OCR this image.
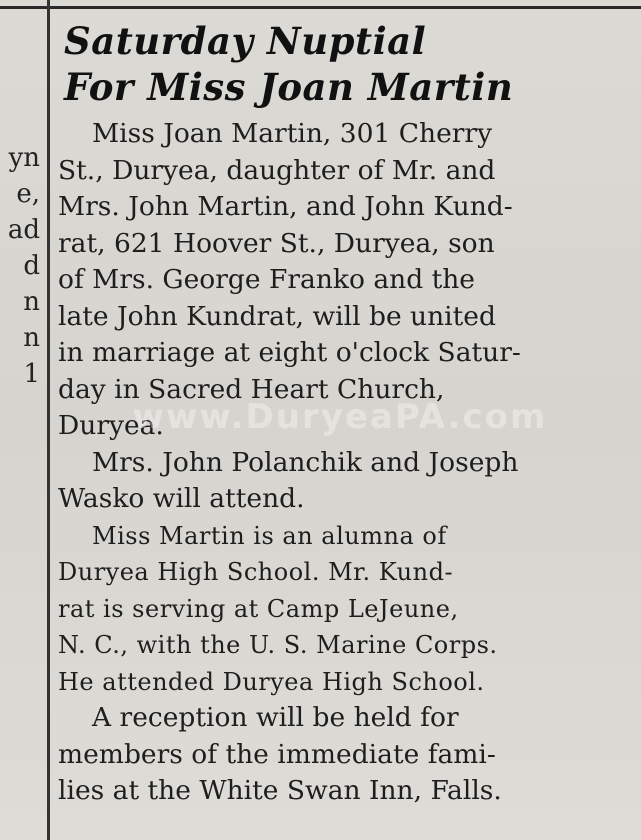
yn
e,
ad
d
n
n
1
Saturday Nuptial
For Miss Joan Martin
Miss Joan Martin, 301 Cherry
St., Duryea, daughter of Mr. and
Mrs. John Martin, and John Kund-
rat, 621 Hoover St., Duryea, son
of Mrs. George Franko and the
late John Kundrat, will be united
in marriage at eight o'clock Satur-
day in Sacred Heart Church,
Duryea.
Mrs. John Polanchik and Joseph
Wasko will attend.
Miss Martin is an alumna of
Duryea High School. Mr. Kund-
rat is serving at Camp LeJeune,
N. C., with the U. S. Marine Corps.
He attended Duryea High School.
A reception will be held for
members of the immediate fami-
lies at the White Swan Inn, Falls.
www.DuryeaPA.com
